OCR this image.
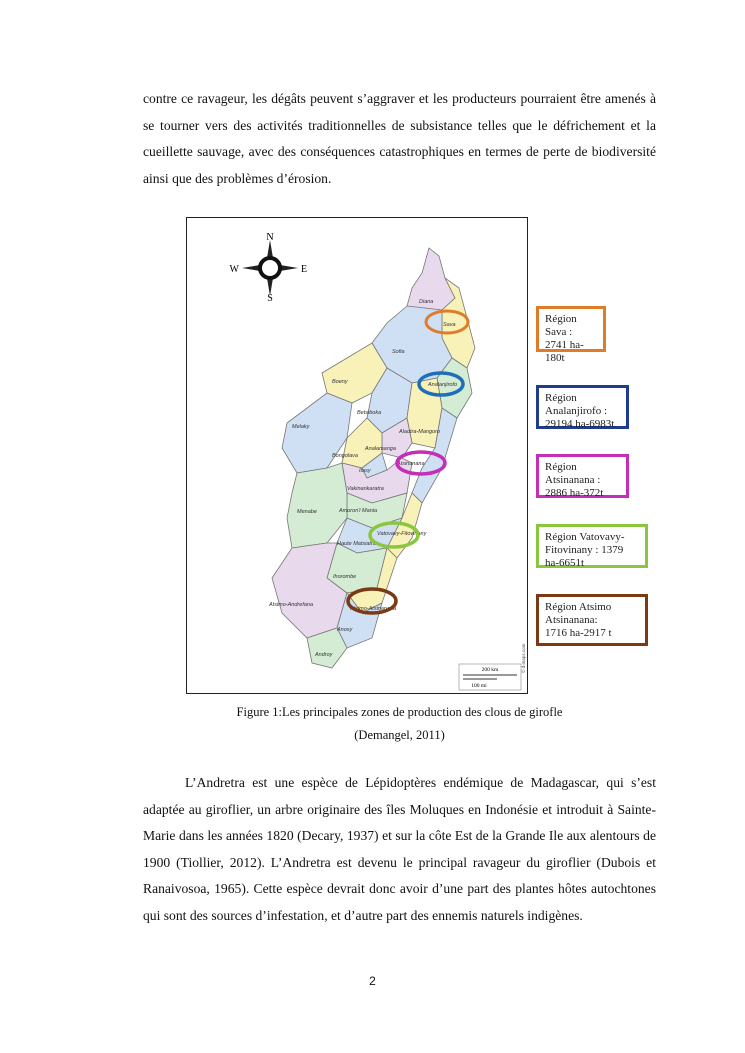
contre ce ravageur, les dégâts peuvent s’aggraver et les producteurs pourraient être amenés à se tourner vers des activités traditionnelles de subsistance telles que le défrichement et la cueillette sauvage, avec des conséquences catastrophiques en termes de perte de biodiversité ainsi que des problèmes d’érosion.

Diana
Sava
Sofia
Analanjirofo
Boeny
Betsiboka
Melaky
Alaotra-Mangoro
Analamanga
Bongolava
Atsinanana
Itasy
Vakinankaratra
Amoron'i Mania
Menabe
Vatovavy-Fitovinany
Haute Matsiatra
Ihorombe
Atsimo-Andrefana
Atsimo-Atsinanana
Anosy
Androy
N
S
W	E
200 km
100 mi
© d-maps.com
Région Sava :
2741 ha-180t
Région Analanjirofo :
29194 ha-6983t
Région Atsinanana :
2886 ha-372t
Région Vatovavy-
Fitovinany : 1379 ha-6651t
Région Atsimo Atsinanana:
1716 ha-2917 t

Figure 1:Les principales zones de production des clous de girofle

(Demangel, 2011)

L’Andretra est une espèce de Lépidoptères endémique de Madagascar, qui s’est adaptée au giroflier, un arbre originaire des îles Moluques en Indonésie et introduit à Sainte-Marie dans les années 1820 (Decary, 1937) et sur la côte Est de la Grande Ile aux alentours de 1900 (Tiollier, 2012). L’Andretra est devenu le principal ravageur du giroflier (Dubois et Ranaivosoa, 1965). Cette espèce devrait donc avoir d’une part des plantes hôtes autochtones qui sont des sources d’infestation, et d’autre part des ennemis naturels indigènes.

2
